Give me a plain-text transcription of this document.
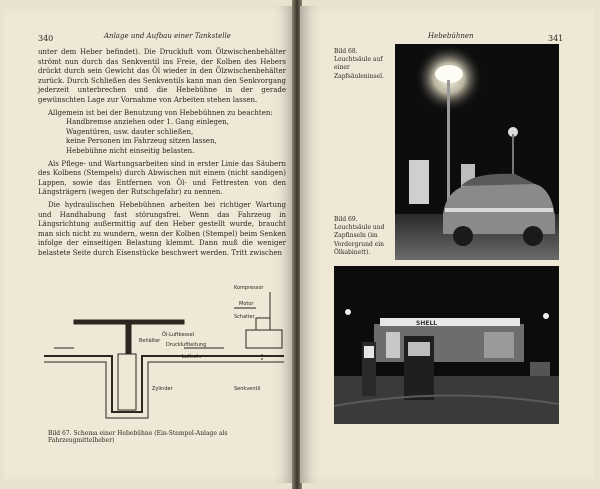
340	Anlage und Aufbau einer Tankstelle

unter dem Heber befindet). Die Druckluft vom Ölzwischenbehälter strömt nun durch das Senkventil ins Freie, der Kolben des Hebers drückt durch sein Gewicht das Öl wieder in den Ölzwischenbehälter zurück. Durch Schließen des Senkventils kann man den Senkvorgang jederzeit unterbrechen und die Hebebühne in der gerade gewünschten Lage zur Vornahme von Arbeiten stehen lassen.

Allgemein ist bei der Benutzung von Hebebühnen zu beachten:

Handbremse anziehen oder 1. Gang einlegen,
Wagentüren, usw. dauter schließen,
keine Personen im Fahrzeug sitzen lassen,
Hebebühne nicht einseitig belasten.

Als Pflege- und Wartungsarbeiten sind in erster Linie das Säubern des Kolbens (Stempels) durch Abwischen mit einem (nicht sandigen) Lappen, sowie das Entfernen von Öl- und Fettresten von den Längsträgern (wegen der Rutschgefahr) zu nennen.

Die hydraulischen Hebebühnen arbeiten bei richtiger Wartung und Handhabung fast störungsfrei. Wenn das Fahrzeug in Längsrichtung außermittig auf den Heber gestellt wurde, braucht man sich nicht zu wundern, wenn der Kolben (Stempel) beim Senken infolge der einseitigen Belastung klemmt. Dann muß die weniger belastete Seite durch Eisenstücke beschwert werden. Tritt zwischen

Kompressor
Motor
Schalter
Öl-Luftkessel
Behälter
Zylinder
Druckluftleitung
Luftrohr
Senkventil
Bild 67. Schema einer Hebebühne (Ein-Stempel-Anlage als Fahrzeugmittelheber)
Hebebühnen	341
Bild 68. Leuchtsäule auf einer Zapfsäuleninsel.
Bild 69. Leuchtsäule und Zapfinseln (im Vordergrund ein Ölkabinett).
SHELL
